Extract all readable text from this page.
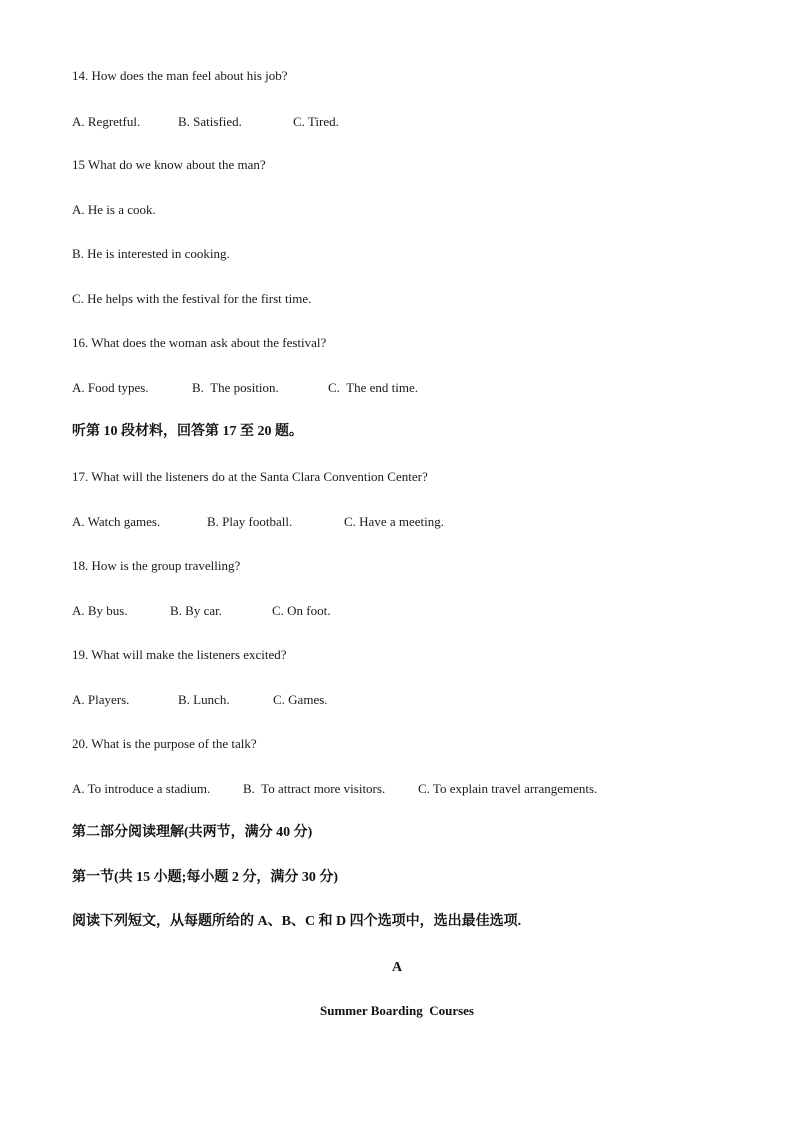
14. How does the man feel about his job?

A. Regretful.

	B. Satisfied.

	C. Tired.

15 What do we know about the man?
A. He is a cook.
B. He is interested in cooking.
C. He helps with the festival for the first time.
16. What does the woman ask about the festival?

A. Food types.

	B.  The position.

	C.  The end time.

听第 10 段材料，回答第 17 至 20 题。
17. What will the listeners do at the Santa Clara Convention Center?

A. Watch games.

	B. Play football.

	C. Have a meeting.

18. How is the group travelling?

A. By bus.

	B. By car.

	C. On foot.

19. What will make the listeners excited?

A. Players.

	B. Lunch.

	C. Games.

20. What is the purpose of the talk?

A. To introduce a stadium.

	B.  To attract more visitors.

	C. To explain travel arrangements.

第二部分阅读理解(共两节，满分 40 分)
第一节(共 15 小题;每小题 2 分，满分 30 分)
阅读下列短文，从每题所给的 A、B、C 和 D 四个选项中，选出最佳选项.
A
Summer Boarding  Courses
